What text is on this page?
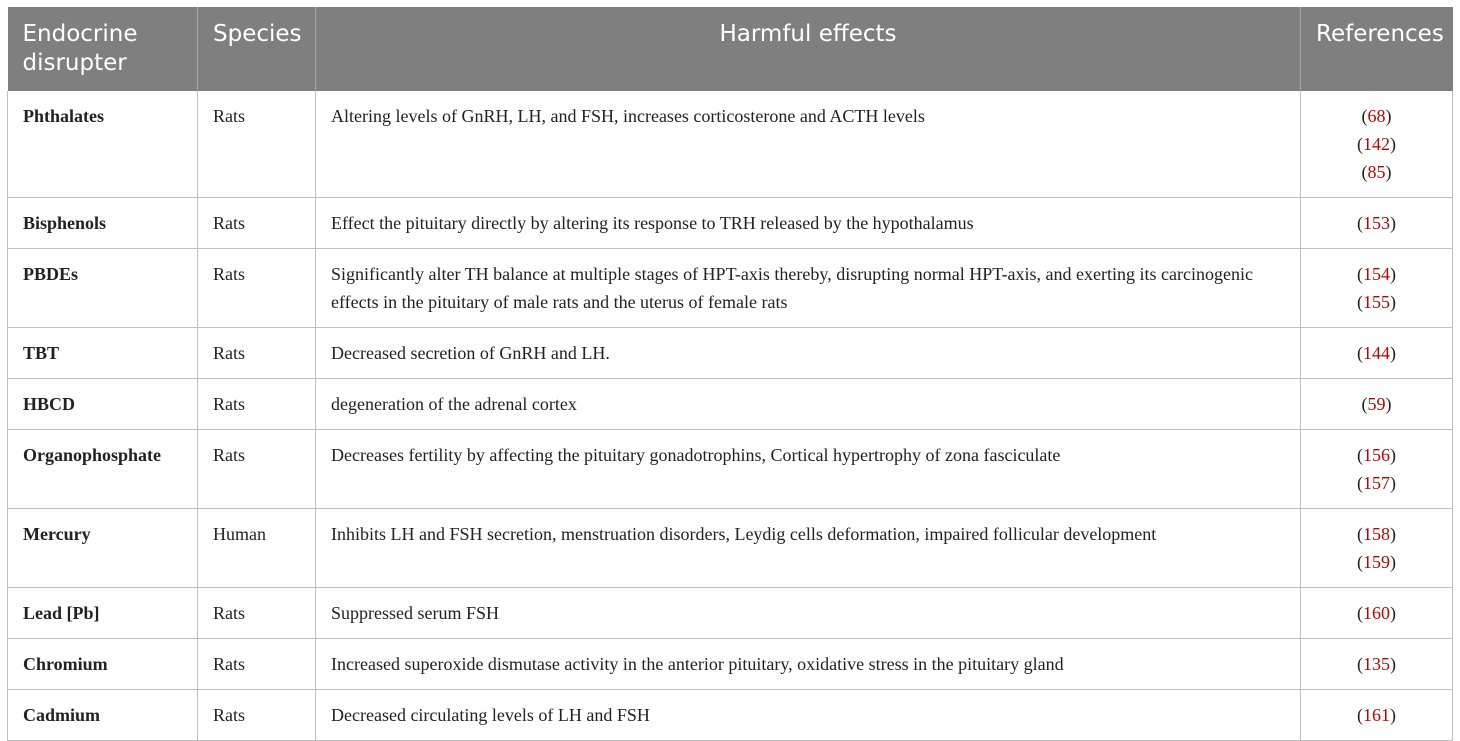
Endocrine disrupter	Species	Harmful effects	References
Phthalates	Rats	Altering levels of GnRH, LH, and FSH, increases corticosterone and ACTH levels	(68)
(142)
(85)

Bisphenols	Rats	Effect the pituitary directly by altering its response to TRH released by the hypothalamus	(153)

PBDEs	Rats	Significantly alter TH balance at multiple stages of HPT-axis thereby, disrupting normal HPT-axis, and exerting its carcinogenic effects in the pituitary of male rats and the uterus of female rats	(154)
(155)

TBT	Rats	Decreased secretion of GnRH and LH.	(144)

HBCD	Rats	degeneration of the adrenal cortex	(59)

Organophosphate	Rats	Decreases fertility by affecting the pituitary gonadotrophins, Cortical hypertrophy of zona fasciculate	(156)
(157)

Mercury	Human	Inhibits LH and FSH secretion, menstruation disorders, Leydig cells deformation, impaired follicular development	(158)
(159)

Lead [Pb]	Rats	Suppressed serum FSH	(160)

Chromium	Rats	Increased superoxide dismutase activity in the anterior pituitary, oxidative stress in the pituitary gland	(135)

Cadmium	Rats	Decreased circulating levels of LH and FSH	(161)
